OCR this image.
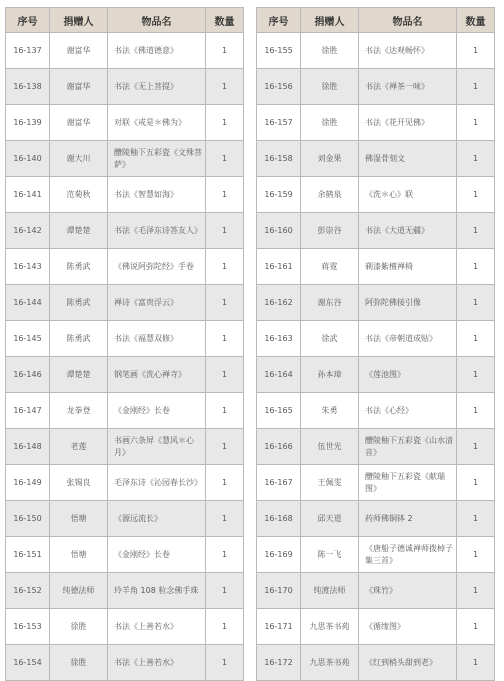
序号	捐赠人	物品名	数量
16-137	谢富华	书法《佛道德意》	1
16-138	谢富华	书法《无上菩提》	1
16-139	谢富华	对联《戒是＊佛为》	1
16-140	谢大川	醴陵釉下五彩瓷《文殊菩萨》	1
16-141	范菊秋	书法《智慧如海》	1
16-142	谭楚楚	书法《毛泽东诗答友人》	1
16-143	陈勇武	《佛说阿弥陀经》手卷	1
16-144	陈勇武	禅诗《富贵浮云》	1
16-145	陈勇武	书法《福慧双修》	1
16-146	谭楚楚	钢笔画《洗心禅寺》	1
16-147	龙拳登	《金刚经》长卷	1
16-148	老莲	书画六条屏《慧风＊心月》	1
16-149	张锡良	毛泽东诗《沁园春长沙》	1
16-150	悟塘	《源远流长》	1
16-151	悟塘	《金刚经》长卷	1
16-152	纯德法师	玲羊角 108 粒念佛手珠	1
16-153	徐胜	书法《上善若水》	1
16-154	徐胜	书法《上善若水》	1
序号	捐赠人	物品名	数量
16-155	徐胜	书法《达观畅怀》	1
16-156	徐胜	书法《禅茶一味》	1
16-157	徐胜	书法《花开见佛》	1
16-158	刘金果	佛湿骨刻文	1
16-159	余鹤泉	《洗＊心》联	1
16-160	彭崇谷	书法《大道无疆》	1
16-161	蒋霓	剃漆紫檀禅椅	1
16-162	谢东谷	阿弥陀佛接引像	1
16-163	徐武	书法《帝朝道成贴》	1
16-164	孙本璋	《莲池图》	1
16-165	朱勇	书法《心经》	1
16-166	伍世光	醴陵釉下五彩瓷《山水清音》	1
16-167	王佩雯	醴陵釉下五彩瓷《献瑞图》	1
16-168	邱天道	药师佛铜钵 2	1
16-169	陈一飞	《唐船子德诚禅师拨棹子集三首》	1
16-170	纯渡法师	《珠竹》	1
16-171	九思茶书苑	《循缘图》	1
16-172	九思茶书苑	《红到梢头甜到老》	1
